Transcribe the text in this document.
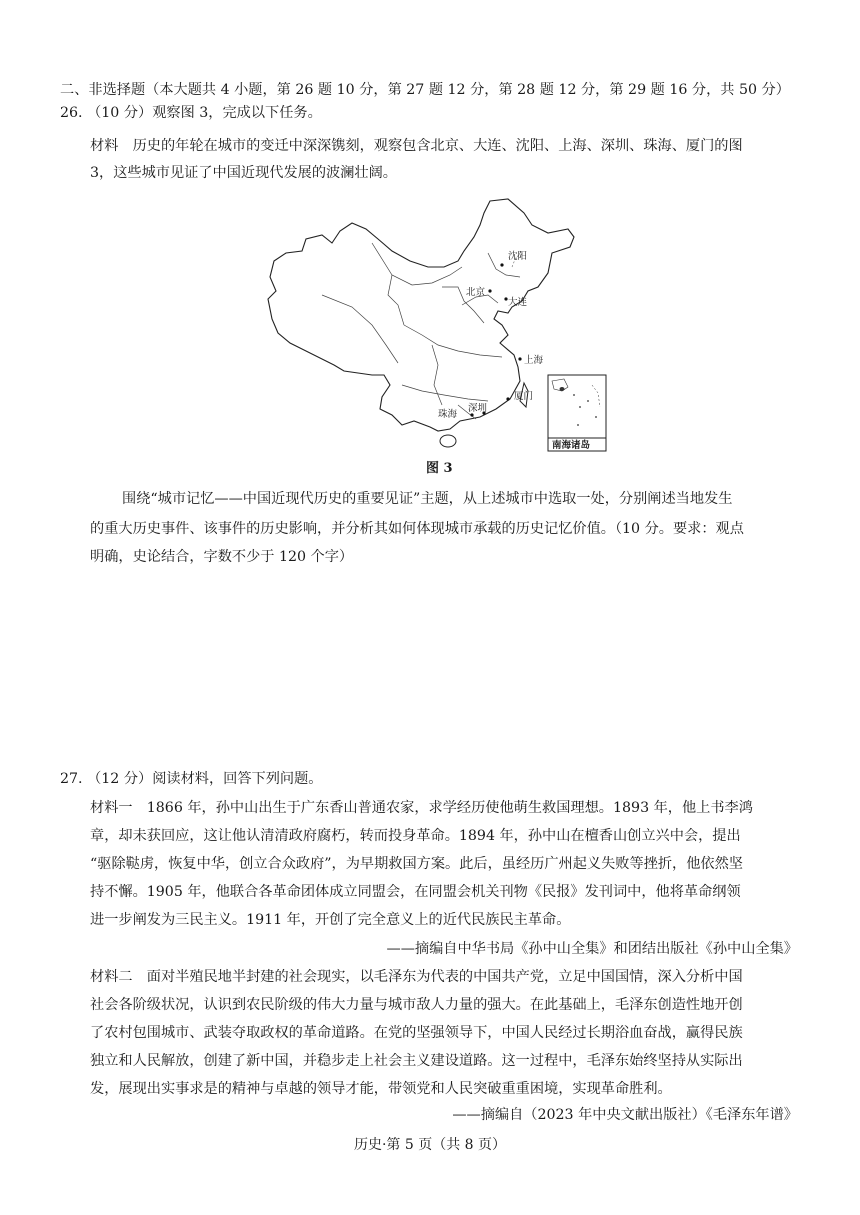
二、非选择题（本大题共 4 小题，第 26 题 10 分，第 27 题 12 分，第 28 题 12 分，第 29 题 16 分，共 50 分）
26. （10 分）观察图 3，完成以下任务。
材料　历史的年轮在城市的变迁中深深镌刻，观察包含北京、大连、沈阳、上海、深圳、珠海、厦门的图
3，这些城市见证了中国近现代发展的波澜壮阔。
沈阳
北京
大连
上海
厦门
深圳
珠海
南海诸岛
图 3
围绕“城市记忆——中国近现代历史的重要见证”主题，从上述城市中选取一处，分别阐述当地发生
的重大历史事件、该事件的历史影响，并分析其如何体现城市承载的历史记忆价值。（10 分。要求：观点
明确，史论结合，字数不少于 120 个字）
27. （12 分）阅读材料，回答下列问题。
材料一　1866 年，孙中山出生于广东香山普通农家，求学经历使他萌生救国理想。1893 年，他上书李鸿
章，却未获回应，这让他认清清政府腐朽，转而投身革命。1894 年，孙中山在檀香山创立兴中会，提出
“驱除鞑虏，恢复中华，创立合众政府”，为早期救国方案。此后，虽经历广州起义失败等挫折，他依然坚
持不懈。1905 年，他联合各革命团体成立同盟会，在同盟会机关刊物《民报》发刊词中，他将革命纲领
进一步阐发为三民主义。1911 年，开创了完全意义上的近代民族民主革命。
——摘编自中华书局《孙中山全集》和团结出版社《孙中山全集》
材料二　面对半殖民地半封建的社会现实，以毛泽东为代表的中国共产党，立足中国国情，深入分析中国
社会各阶级状况，认识到农民阶级的伟大力量与城市敌人力量的强大。在此基础上，毛泽东创造性地开创
了农村包围城市、武装夺取政权的革命道路。在党的坚强领导下，中国人民经过长期浴血奋战，赢得民族
独立和人民解放，创建了新中国，并稳步走上社会主义建设道路。这一过程中，毛泽东始终坚持从实际出
发，展现出实事求是的精神与卓越的领导才能，带领党和人民突破重重困境，实现革命胜利。
——摘编自（2023 年中央文献出版社）《毛泽东年谱》
历史·第 5 页（共 8 页）
